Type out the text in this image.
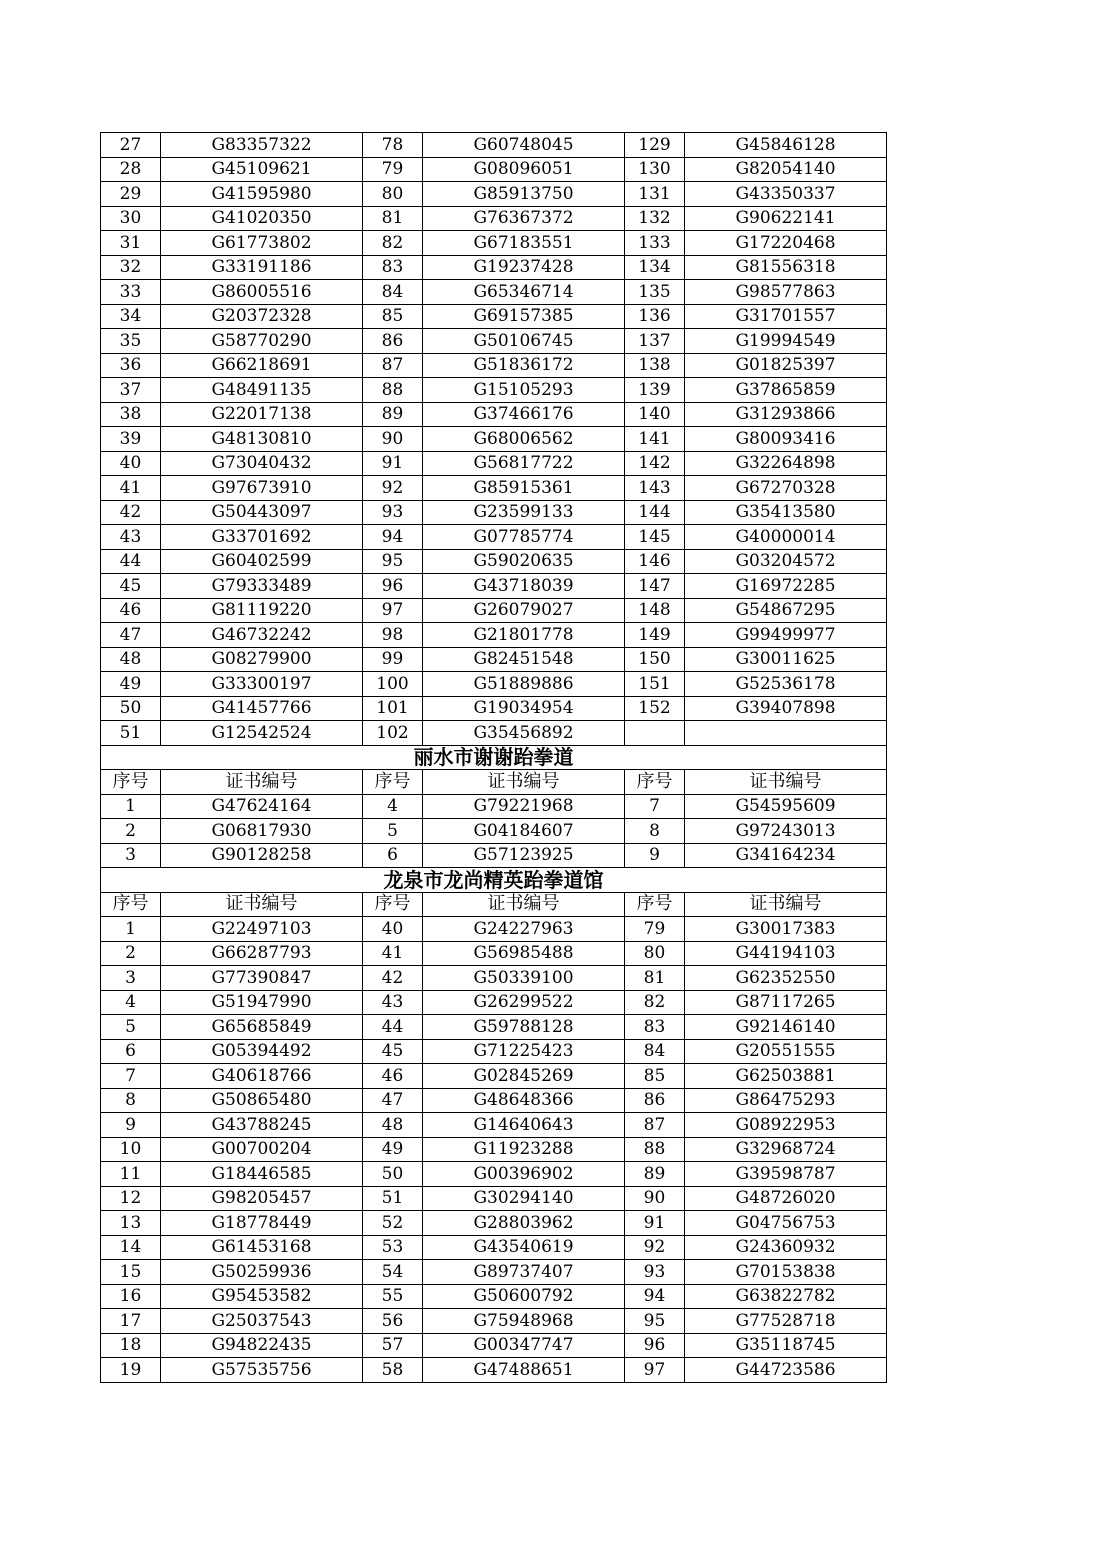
27	G83357322	78	G60748045	129	G45846128
28	G45109621	79	G08096051	130	G82054140
29	G41595980	80	G85913750	131	G43350337
30	G41020350	81	G76367372	132	G90622141
31	G61773802	82	G67183551	133	G17220468
32	G33191186	83	G19237428	134	G81556318
33	G86005516	84	G65346714	135	G98577863
34	G20372328	85	G69157385	136	G31701557
35	G58770290	86	G50106745	137	G19994549
36	G66218691	87	G51836172	138	G01825397
37	G48491135	88	G15105293	139	G37865859
38	G22017138	89	G37466176	140	G31293866
39	G48130810	90	G68006562	141	G80093416
40	G73040432	91	G56817722	142	G32264898
41	G97673910	92	G85915361	143	G67270328
42	G50443097	93	G23599133	144	G35413580
43	G33701692	94	G07785774	145	G40000014
44	G60402599	95	G59020635	146	G03204572
45	G79333489	96	G43718039	147	G16972285
46	G81119220	97	G26079027	148	G54867295
47	G46732242	98	G21801778	149	G99499977
48	G08279900	99	G82451548	150	G30011625
49	G33300197	100	G51889886	151	G52536178
50	G41457766	101	G19034954	152	G39407898
51	G12542524	102	G35456892		
丽水市谢谢跆拳道					
序号	证书编号	序号	证书编号	序号	证书编号
1	G47624164	4	G79221968	7	G54595609
2	G06817930	5	G04184607	8	G97243013
3	G90128258	6	G57123925	9	G34164234
龙泉市龙尚精英跆拳道馆					
序号	证书编号	序号	证书编号	序号	证书编号
1	G22497103	40	G24227963	79	G30017383
2	G66287793	41	G56985488	80	G44194103
3	G77390847	42	G50339100	81	G62352550
4	G51947990	43	G26299522	82	G87117265
5	G65685849	44	G59788128	83	G92146140
6	G05394492	45	G71225423	84	G20551555
7	G40618766	46	G02845269	85	G62503881
8	G50865480	47	G48648366	86	G86475293
9	G43788245	48	G14640643	87	G08922953
10	G00700204	49	G11923288	88	G32968724
11	G18446585	50	G00396902	89	G39598787
12	G98205457	51	G30294140	90	G48726020
13	G18778449	52	G28803962	91	G04756753
14	G61453168	53	G43540619	92	G24360932
15	G50259936	54	G89737407	93	G70153838
16	G95453582	55	G50600792	94	G63822782
17	G25037543	56	G75948968	95	G77528718
18	G94822435	57	G00347747	96	G35118745
19	G57535756	58	G47488651	97	G44723586
